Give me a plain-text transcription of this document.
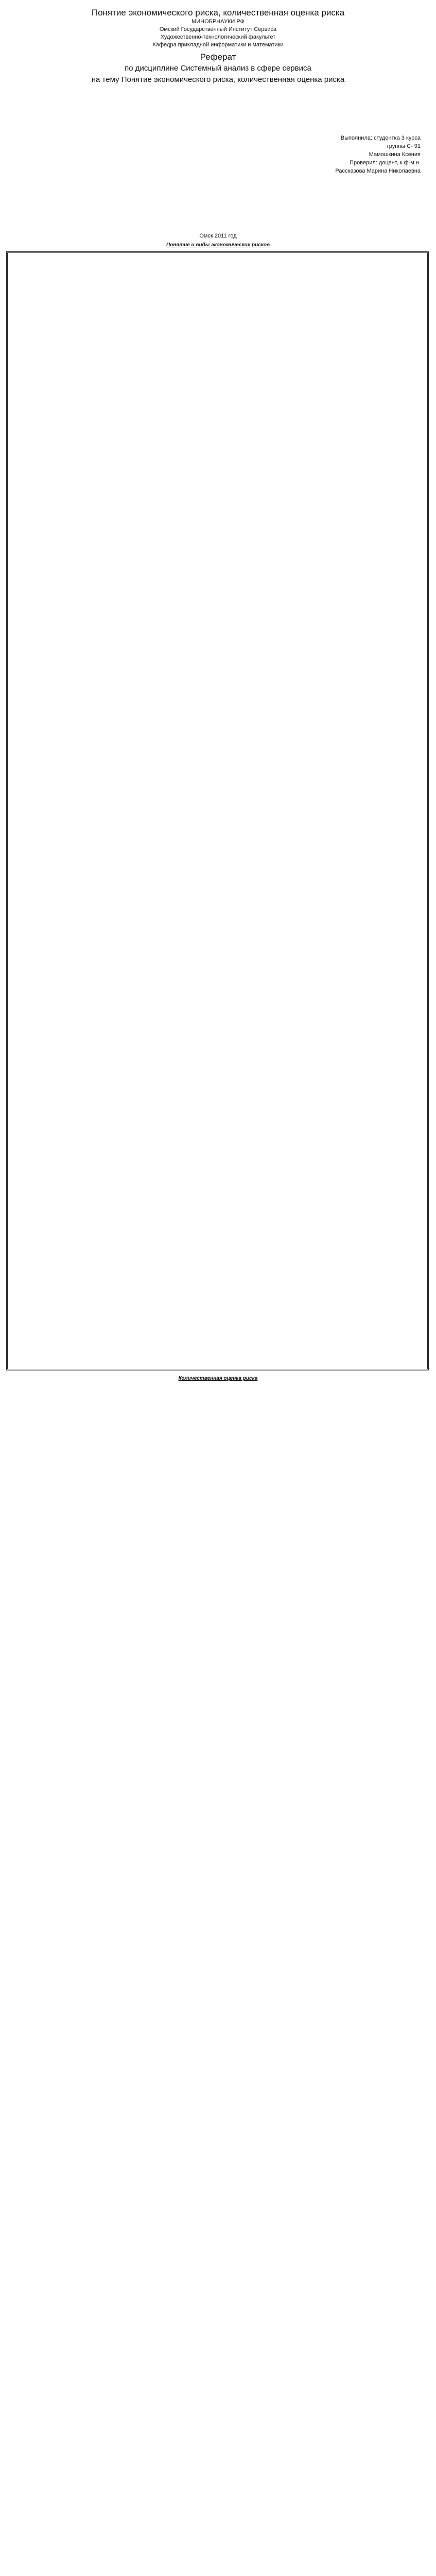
Понятие экономического риска, количественная оценка риска
МИНОБРНАУКИ РФ
Омский Государственный Институт Сервиса
Художественно-технологический факультет
Кафедра прикладной информатики и математики
Реферат
по дисциплине Системный анализ в сфере сервиса
на тему Понятие экономического риска, количественная оценка риска
Выполнила: студентка 3 курса
группы С- 91
Мамошкина Ксения
Проверил: доцент, к.ф-м.н.
Рассказова Марина Николаевна
Омск 2011 год
Понятие и виды экономических рисков
Количественная оценка риска
